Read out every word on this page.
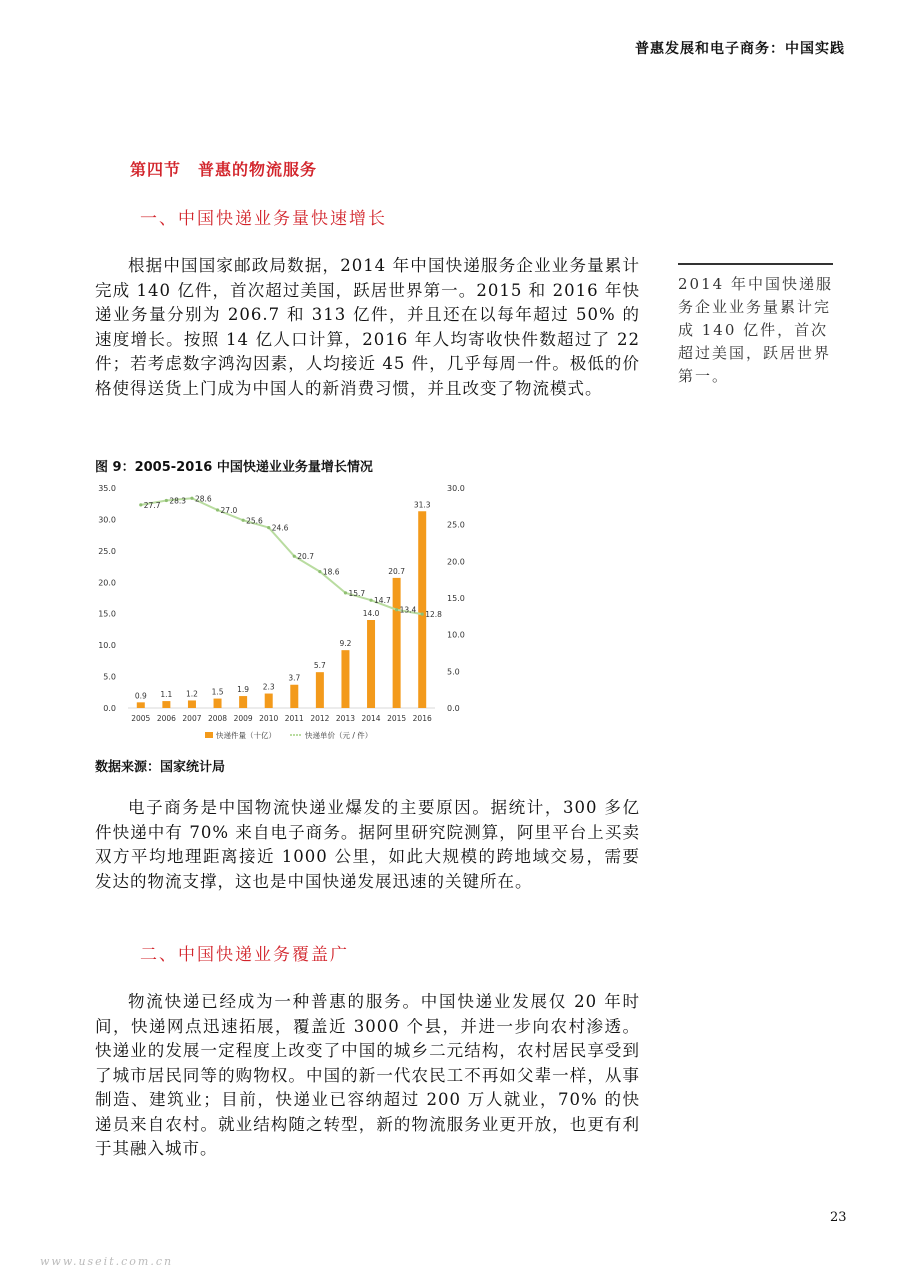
普惠发展和电子商务：中国实践
第四节　普惠的物流服务
一、中国快递业务量快速增长
根据中国国家邮政局数据，2014 年中国快递服务企业业务量累计完成 140 亿件，首次超过美国，跃居世界第一。2015 和 2016 年快递业务量分别为 206.7 和 313 亿件，并且还在以每年超过 50% 的速度增长。按照 14 亿人口计算，2016 年人均寄收快件数超过了 22 件；若考虑数字鸿沟因素，人均接近 45 件，几乎每周一件。极低的价格使得送货上门成为中国人的新消费习惯，并且改变了物流模式。
2014 年中国快递服务企业业务量累计完成 140 亿件，首次超过美国，跃居世界第一。
图 9：2005-2016 中国快递业业务量增长情况
0.0
5.0
10.0
15.0
20.0
25.0
30.0
35.0
0.0
5.0
10.0
15.0
20.0
25.0
30.0
0.9
2005
1.1
2006
1.2
2007
1.5
2008
1.9
2009
2.3
2010
3.7
2011
5.7
2012
9.2
2013
14.0
2014
20.7
2015
31.3
2016
27.7 28.3 28.6
27.0
25.6
24.6
20.7
18.6
15.7
14.7
13.4 12.8
快递件量（十亿）	快递单价（元 / 件）
数据来源：国家统计局
电子商务是中国物流快递业爆发的主要原因。据统计，300 多亿件快递中有 70% 来自电子商务。据阿里研究院测算，阿里平台上买卖双方平均地理距离接近 1000 公里，如此大规模的跨地域交易，需要发达的物流支撑，这也是中国快递发展迅速的关键所在。
二、中国快递业务覆盖广
物流快递已经成为一种普惠的服务。中国快递业发展仅 20 年时间，快递网点迅速拓展，覆盖近 3000 个县，并进一步向农村渗透。快递业的发展一定程度上改变了中国的城乡二元结构，农村居民享受到了城市居民同等的购物权。中国的新一代农民工不再如父辈一样，从事制造、建筑业；目前，快递业已容纳超过 200 万人就业，70% 的快递员来自农村。就业结构随之转型，新的物流服务业更开放，也更有利于其融入城市。
23
www.useit.com.cn
